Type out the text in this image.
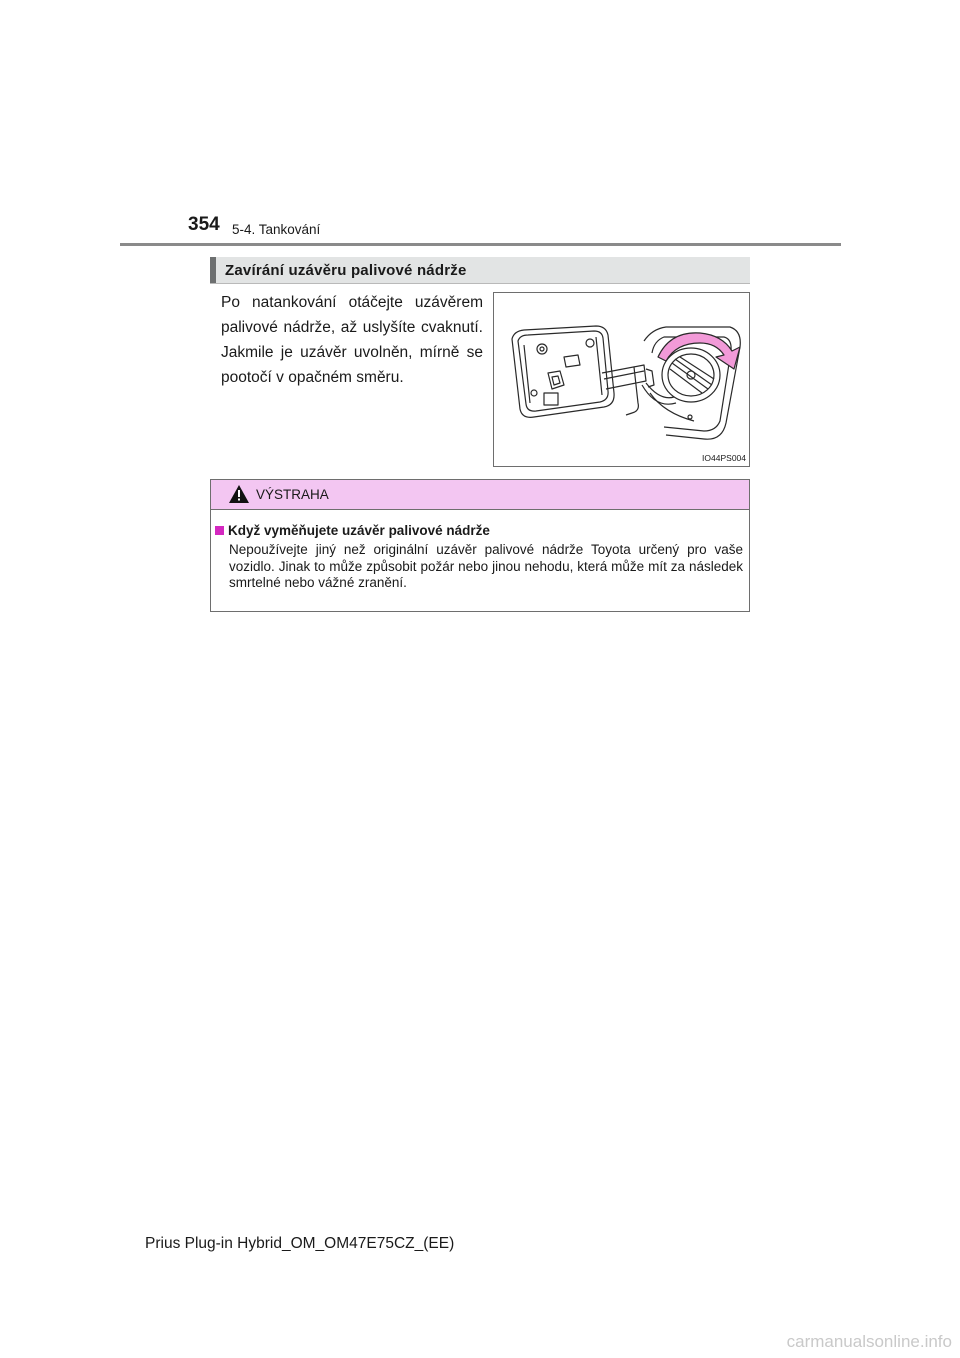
354 5-4. Tankování
Zavírání uzávěru palivové nádrže

Po natankování otáčejte uzávěrem palivové nádrže, až uslyšíte cvaknutí. Jakmile je uzávěr uvolněn, mírně se pootočí v opačném směru.

IO44PS004
VÝSTRAHA
Když vyměňujete uzávěr palivové nádrže

Nepoužívejte jiný než originální uzávěr palivové nádrže Toyota určený pro vaše vozidlo. Jinak to může způsobit požár nebo jinou nehodu, která může mít za následek smrtelné nebo vážné zranění.

Prius Plug-in Hybrid_OM_OM47E75CZ_(EE)
carmanualsonline.info
